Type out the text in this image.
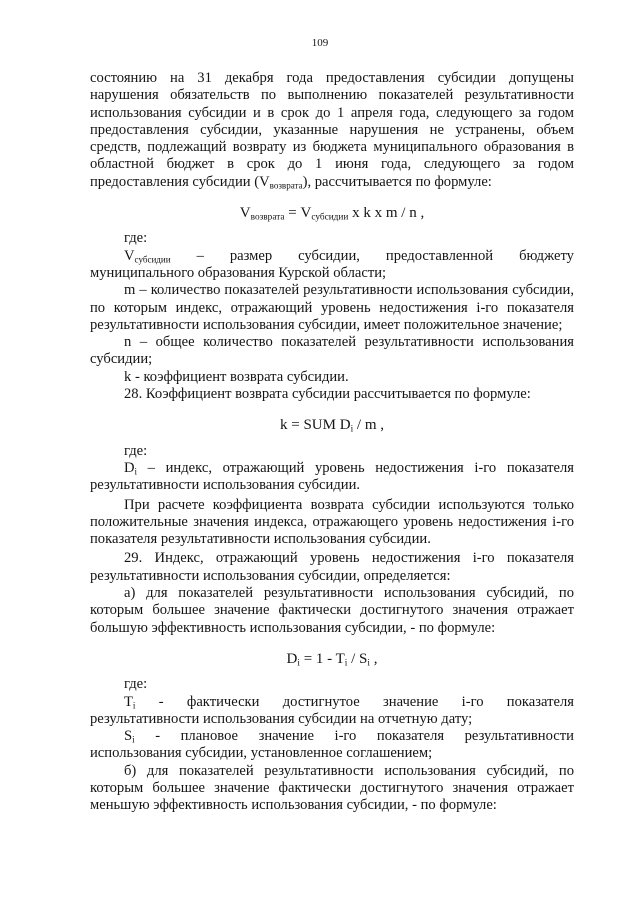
109

состоянию на 31 декабря года предоставления субсидии допущены нарушения обязательств по выполнению показателей результативности использования субсидии и в срок до 1 апреля года, следующего за годом предоставления субсидии, указанные нарушения не устранены, объем средств, подлежащий возврату из бюджета муниципального образования в областной бюджет в срок до 1 июня года, следующего за годом предоставления субсидии $(V_{возврата})$, рассчитывается по формуле:

$V_{возврата} = V_{субсидии}$ x k x m / n ,

где:

$V_{субсидии}$ – размер субсидии, предоставленной бюджету

муниципального образования Курской области;

m – количество показателей результативности использования субсидии, по которым индекс, отражающий уровень недостижения i-го показателя результативности использования субсидии, имеет положительное значение;

n – общее количество показателей результативности использования субсидии;

k - коэффициент возврата субсидии.

28. Коэффициент возврата субсидии рассчитывается по формуле:

k = SUM $D_i$ / m ,

где:

$D_i$ – индекс, отражающий уровень недостижения i-го показателя результативности использования субсидии.

При расчете коэффициента возврата субсидии используются только положительные значения индекса, отражающего уровень недостижения i-го показателя результативности использования субсидии.

29. Индекс, отражающий уровень недостижения i-го показателя результативности использования субсидии, определяется:

а) для показателей результативности использования субсидий, по которым большее значение фактически достигнутого значения отражает большую эффективность использования субсидии, - по формуле:

$D_i = 1 - T_i / S_i$ ,

где:

$T_i$ - фактически достигнутое значение i-го показателя

результативности использования субсидии на отчетную дату;

$S_i$ - плановое значение i-го показателя результативности

использования субсидии, установленное соглашением;

б) для показателей результативности использования субсидий, по которым большее значение фактически достигнутого значения отражает меньшую эффективность использования субсидии, - по формуле:
